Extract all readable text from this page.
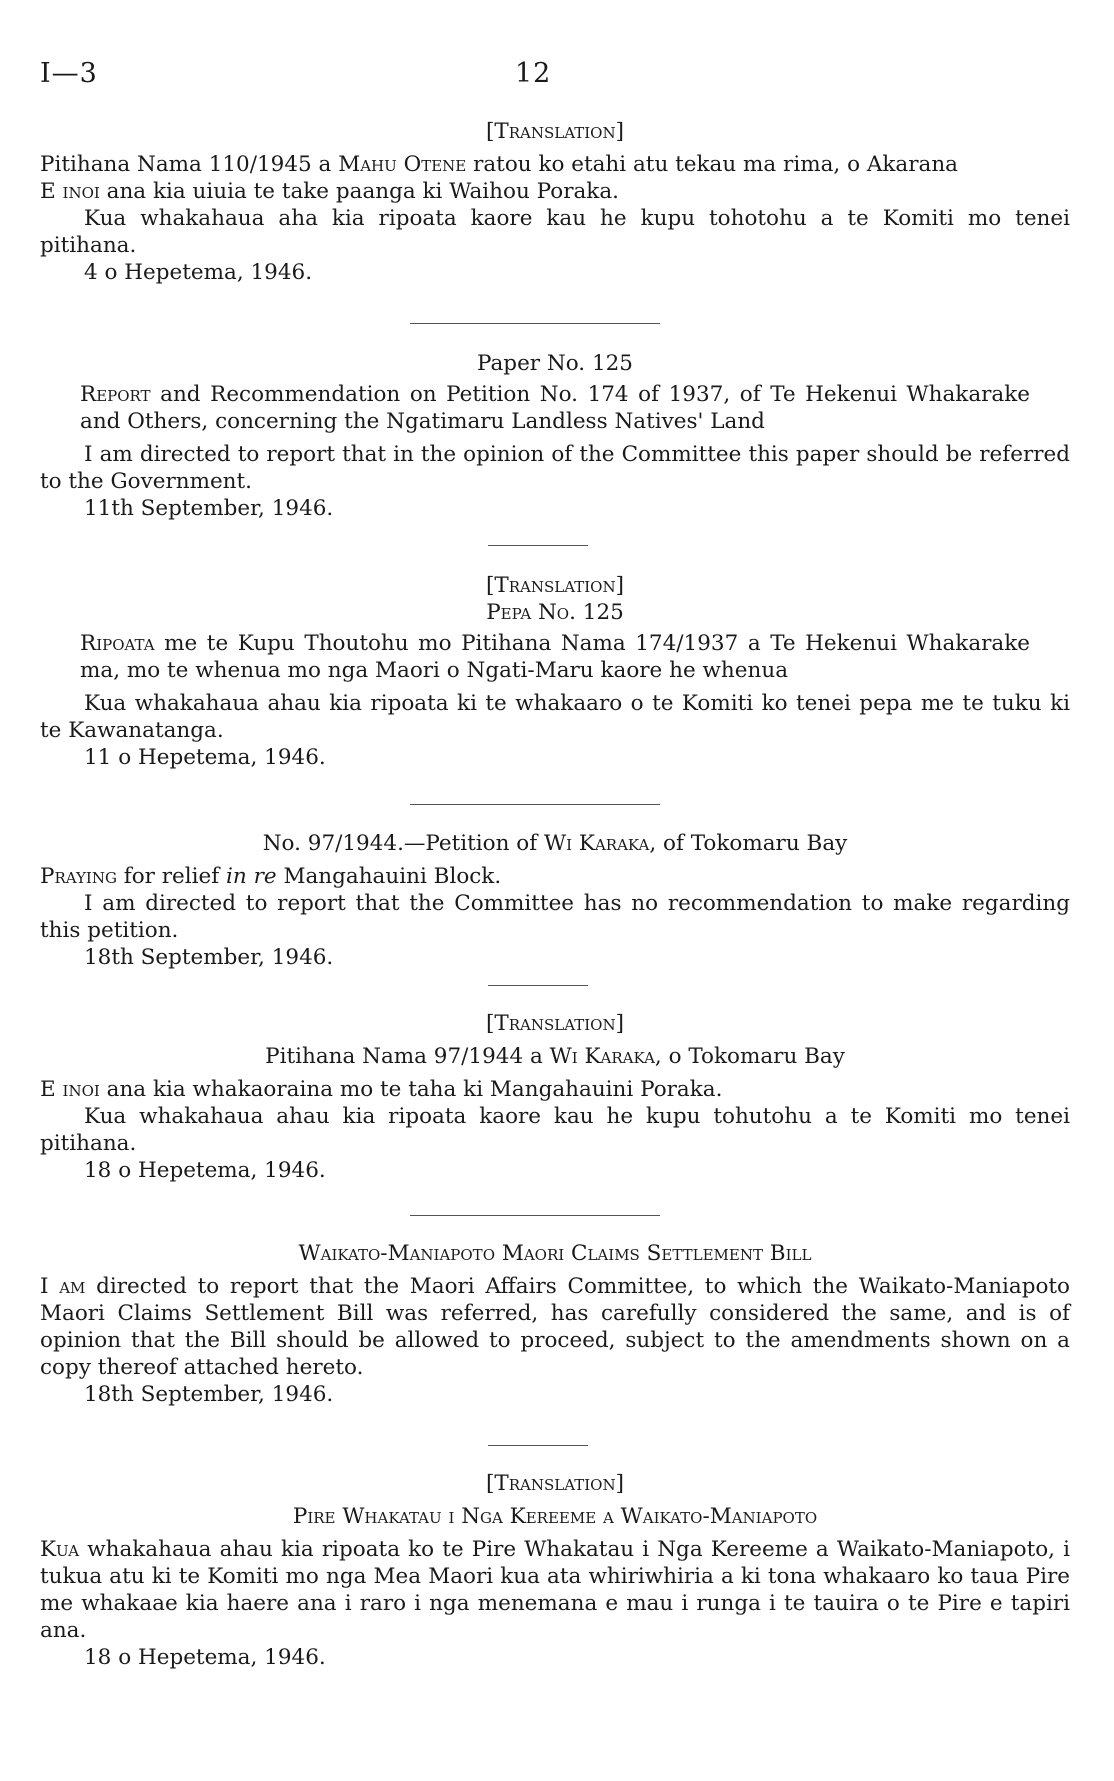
I—3	12
[Translation]

Pitihana Nama 110/1945 a Mahu Otene ratou ko etahi atu tekau ma rima, o Akarana

E inoi ana kia uiuia te take paanga ki Waihou Poraka.

Kua whakahaua aha kia ripoata kaore kau he kupu tohotohu a te Komiti mo tenei pitihana.

4 o Hepetema, 1946.
Paper No. 125

Report and Recommendation on Petition No. 174 of 1937, of Te Hekenui Whakarake and Others, concerning the Ngatimaru Landless Natives' Land

I am directed to report that in the opinion of the Committee this paper should be referred to the Government.

11th September, 1946.
[Translation]
Pepa No. 125

Ripoata me te Kupu Thoutohu mo Pitihana Nama 174/1937 a Te Hekenui Whakarake ma, mo te whenua mo nga Maori o Ngati-Maru kaore he whenua

Kua whakahaua ahau kia ripoata ki te whakaaro o te Komiti ko tenei pepa me te tuku ki te Kawanatanga.

11 o Hepetema, 1946.
No. 97/1944.—Petition of Wi Karaka, of Tokomaru Bay

Praying for relief in re Mangahauini Block.

I am directed to report that the Committee has no recommendation to make regarding this petition.

18th September, 1946.
[Translation]
Pitihana Nama 97/1944 a Wi Karaka, o Tokomaru Bay

E inoi ana kia whakaoraina mo te taha ki Mangahauini Poraka.

Kua whakahaua ahau kia ripoata kaore kau he kupu tohutohu a te Komiti mo tenei pitihana.

18 o Hepetema, 1946.
Waikato-Maniapoto Maori Claims Settlement Bill

I am directed to report that the Maori Affairs Committee, to which the Waikato-Maniapoto Maori Claims Settlement Bill was referred, has carefully considered the same, and is of opinion that the Bill should be allowed to proceed, subject to the amendments shown on a copy thereof attached hereto.

18th September, 1946.
[Translation]
Pire Whakatau i Nga Kereeme a Waikato-Maniapoto

Kua whakahaua ahau kia ripoata ko te Pire Whakatau i Nga Kereeme a Waikato-Maniapoto, i tukua atu ki te Komiti mo nga Mea Maori kua ata whiriwhiria a ki tona whakaaro ko taua Pire me whakaae kia haere ana i raro i nga menemana e mau i runga i te tauira o te Pire e tapiri ana.

18 o Hepetema, 1946.
